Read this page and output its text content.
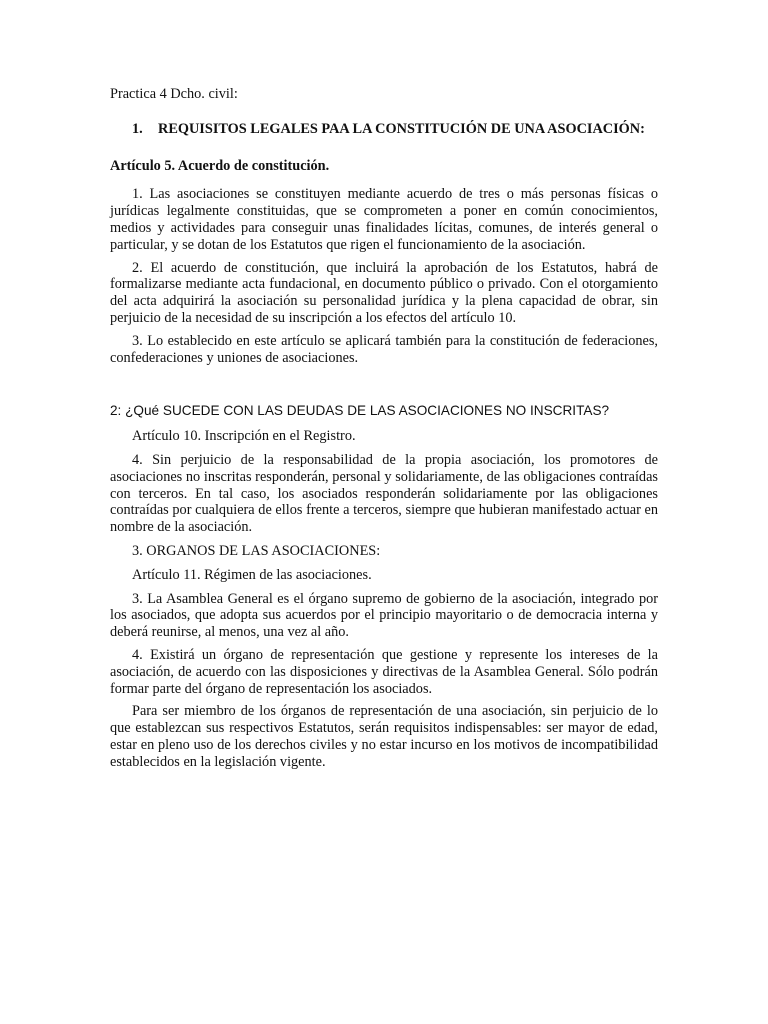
Practica 4 Dcho. civil:

1.	REQUISITOS LEGALES PAA LA CONSTITUCIÓN DE UNA ASOCIACIÓN:

Artículo 5. Acuerdo de constitución.

1. Las asociaciones se constituyen mediante acuerdo de tres o más personas físicas o jurídicas legalmente constituidas, que se comprometen a poner en común conocimientos, medios y actividades para conseguir unas finalidades lícitas, comunes, de interés general o particular, y se dotan de los Estatutos que rigen el funcionamiento de la asociación.

2. El acuerdo de constitución, que incluirá la aprobación de los Estatutos, habrá de formalizarse mediante acta fundacional, en documento público o privado. Con el otorgamiento del acta adquirirá la asociación su personalidad jurídica y la plena capacidad de obrar, sin perjuicio de la necesidad de su inscripción a los efectos del artículo 10.

3. Lo establecido en este artículo se aplicará también para la constitución de federaciones, confederaciones y uniones de asociaciones.

2: ¿Qué SUCEDE CON LAS DEUDAS DE LAS ASOCIACIONES NO INSCRITAS?

Artículo 10. Inscripción en el Registro.

4. Sin perjuicio de la responsabilidad de la propia asociación, los promotores de asociaciones no inscritas responderán, personal y solidariamente, de las obligaciones contraídas con terceros. En tal caso, los asociados responderán solidariamente por las obligaciones contraídas por cualquiera de ellos frente a terceros, siempre que hubieran manifestado actuar en nombre de la asociación.

3. ORGANOS DE LAS ASOCIACIONES:

Artículo 11. Régimen de las asociaciones.

3. La Asamblea General es el órgano supremo de gobierno de la asociación, integrado por los asociados, que adopta sus acuerdos por el principio mayoritario o de democracia interna y deberá reunirse, al menos, una vez al año.

4. Existirá un órgano de representación que gestione y represente los intereses de la asociación, de acuerdo con las disposiciones y directivas de la Asamblea General. Sólo podrán formar parte del órgano de representación los asociados.

Para ser miembro de los órganos de representación de una asociación, sin perjuicio de lo que establezcan sus respectivos Estatutos, serán requisitos indispensables: ser mayor de edad, estar en pleno uso de los derechos civiles y no estar incurso en los motivos de incompatibilidad establecidos en la legislación vigente.
